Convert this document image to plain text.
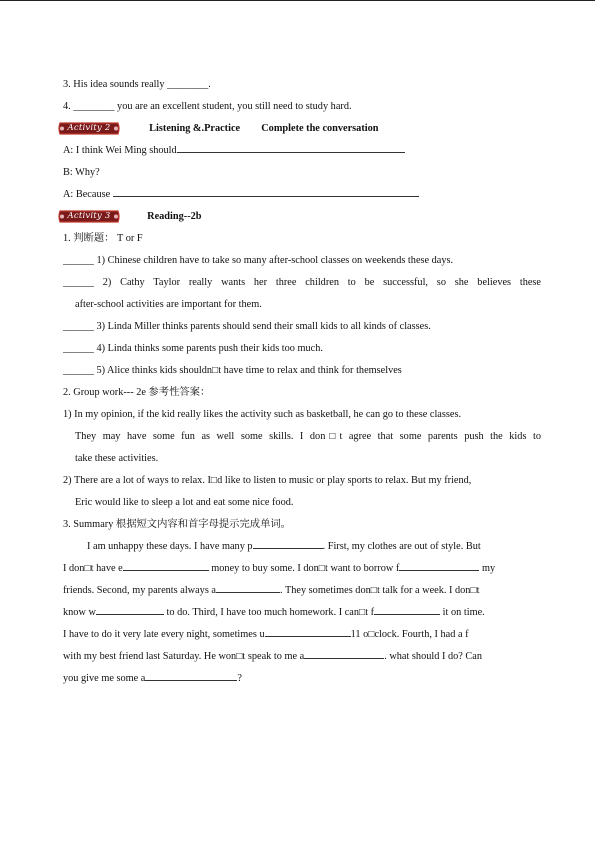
3. His idea sounds really ________.
4. ________ you are an excellent student, you still need to study hard.
Activity 2	Listening &.Practice Complete the conversation
A: I think Wei Ming should
B: Why?
A: Because
Activity 3	Reading--2b
1. 判断题： T or F
______ 1) Chinese children have to take so many after-school classes on weekends these days.
______ 2) Cathy Taylor really wants her three children to be successful, so she believes these
after-school activities are important for them.
______ 3) Linda Miller thinks parents should send their small kids to all kinds of classes.
______ 4) Linda thinks some parents push their kids too much.
______ 5) Alice thinks kids shouldn□t have time to relax and think for themselves
2. Group work--- 2e 参考性答案：
1) In my opinion, if the kid really likes the activity such as basketball, he can go to these classes.
They may have some fun as well some skills. I don□t agree that some parents push the kids to
take these activities.
2) There are a lot of ways to relax. I□d like to listen to music or play sports to relax. But my friend,
Eric would like to sleep a lot and eat some nice food.
3. Summary 根据短文内容和首字母提示完成单词。
I am unhappy these days. I have many p	. First, my clothes are out of style. But
I don□t have e	money to buy some. I don□t want to borrow f	my
friends. Second, my parents always a	. They sometimes don□t talk for a week. I don□t
know w	to do. Third, I have too much homework. I can□t f	it on time.
I have to do it very late every night, sometimes u	11 o□clock. Fourth, I had a f
with my best friend last Saturday. He won□t speak to me a	. what should I do? Can
you give me some a	?
